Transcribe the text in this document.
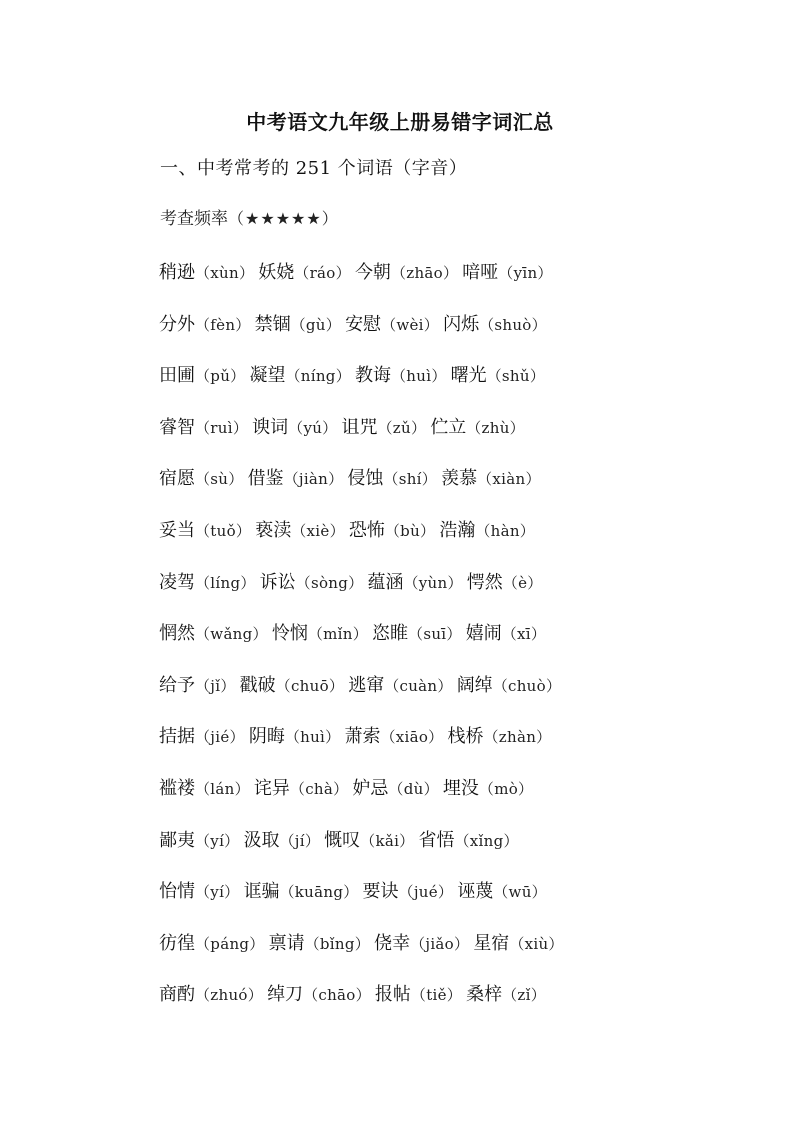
中考语文九年级上册易错字词汇总
一、中考常考的 251 个词语（字音）
考查频率（★★★★★）
稍逊 （xùn） 妖娆 （ráo） 今朝 （zhāo） 喑哑 （yīn）
分外 （fèn） 禁锢 （gù） 安慰 （wèi） 闪烁 （shuò）
田圃 （pǔ） 凝望 （níng） 教诲 （huì） 曙光 （shǔ）
睿智 （ruì） 谀词 （yú） 诅咒 （zǔ） 伫立 （zhù）
宿愿 （sù） 借鉴 （jiàn） 侵蚀 （shí） 羡慕 （xiàn）
妥当 （tuǒ） 亵渎 （xiè） 恐怖 （bù） 浩瀚 （hàn）
凌驾 （líng） 诉讼 （sòng） 蕴涵 （yùn） 愕然 （è）
惘然 （wǎng） 怜悯 （mǐn） 恣睢 （suī） 嬉闹 （xī）
给予 （jǐ） 戳破 （chuō） 逃窜 （cuàn） 阔绰 （chuò）
拮据 （jié） 阴晦 （huì） 萧索 （xiāo） 栈桥 （zhàn）
褴褛 （lán） 诧异 （chà） 妒忌 （dù） 埋没 （mò）
鄙夷 （yí） 汲取 （jí） 慨叹 （kǎi） 省悟 （xǐng）
怡情 （yí） 诓骗 （kuāng） 要诀 （jué） 诬蔑 （wū）
彷徨 （páng） 禀请 （bǐng） 侥幸 （jiǎo） 星宿 （xiù）
商酌 （zhuó） 绰刀 （chāo） 报帖 （tiě） 桑梓 （zǐ）
